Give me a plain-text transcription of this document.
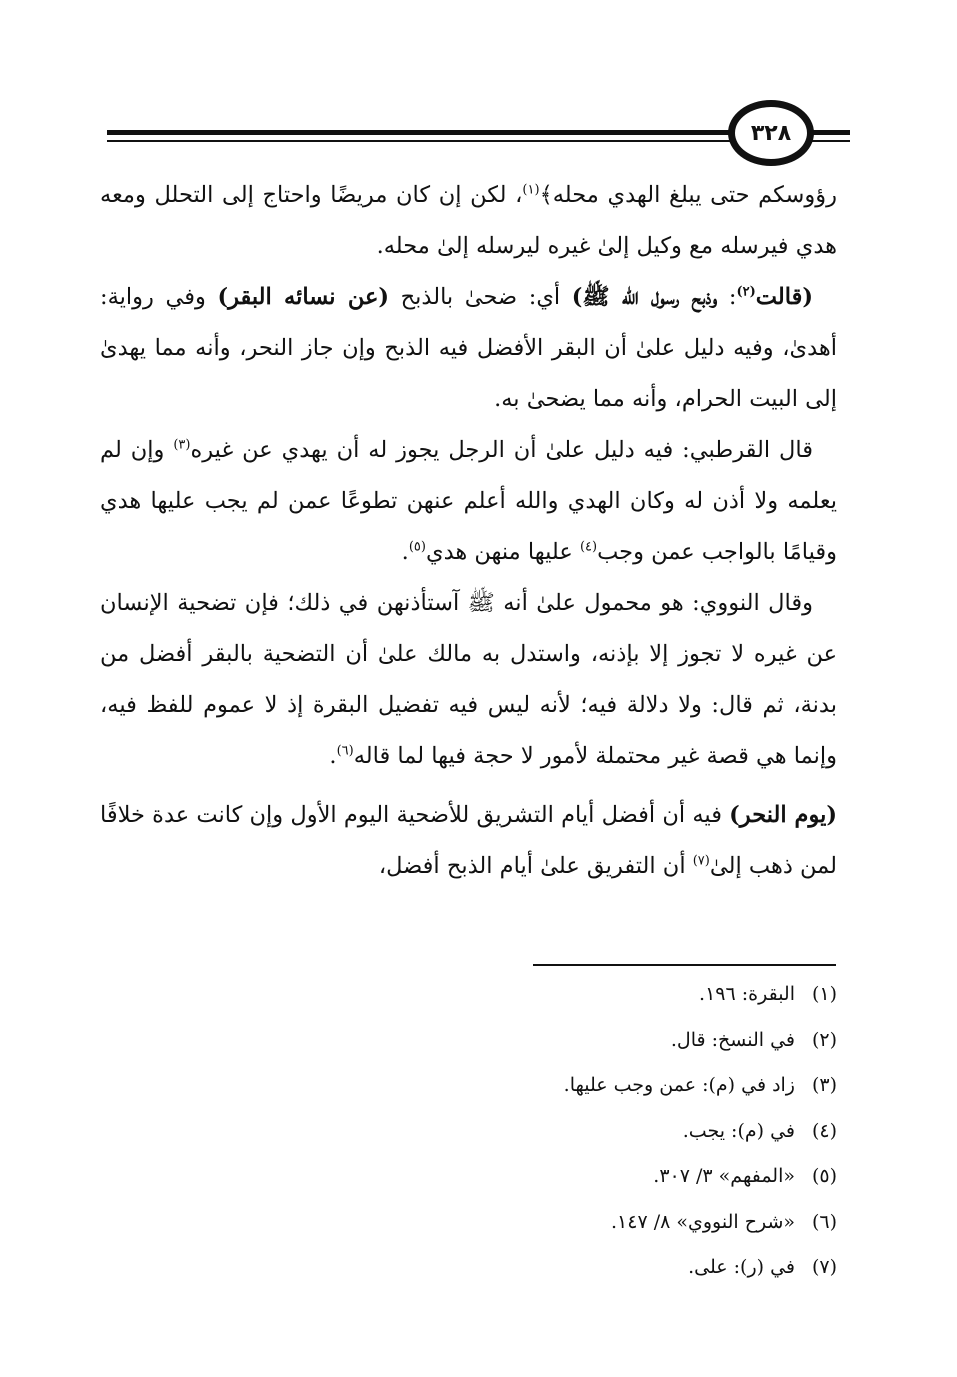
٣٢٨

رؤوسكم حتى يبلغ الهدي محله﴾$^{(١)}$، لكن إن كان مريضًا واحتاج إلى التحلل ومعه هدي فيرسله مع وكيل إلىٰ غيره ليرسله إلىٰ محله.

(قالت$^{(٢)}$: وذبح رسول الله ﷺ) أي: ضحىٰ بالذبح (عن نسائه البقر) وفي رواية: أهدىٰ، وفيه دليل علىٰ أن البقر الأفضل فيه الذبح وإن جاز النحر، وأنه مما يهدىٰ إلى البيت الحرام، وأنه مما يضحىٰ به.

قال القرطبي: فيه دليل علىٰ أن الرجل يجوز له أن يهدي عن غيره$^{(٣)}$ وإن لم يعلمه ولا أذن له وكان الهدي والله أعلم عنهن تطوعًا عمن لم يجب عليها هدي وقيامًا بالواجب عمن وجب$^{(٤)}$ عليها منهن هدي$^{(٥)}$.

وقال النووي: هو محمول علىٰ أنه ﷺ آستأذنهن في ذلك؛ فإن تضحية الإنسان عن غيره لا تجوز إلا بإذنه، واستدل به مالك علىٰ أن التضحية بالبقر أفضل من بدنة، ثم قال: ولا دلالة فيه؛ لأنه ليس فيه تفضيل البقرة إذ لا عموم للفظ فيه، وإنما هي قصة غير محتملة لأمور لا حجة فيها لما قاله$^{(٦)}$.

(يوم النحر) فيه أن أفضل أيام التشريق للأضحية اليوم الأول وإن كانت عدة خلافًا لمن ذهب إلىٰ$^{(٧)}$ أن التفريق علىٰ أيام الذبح أفضل،

(١)
البقرة: ١٩٦.
(٢)
في النسخ: قال.
(٣)
زاد في (م): عمن وجب عليها.
(٤)
في (م): يجب.
(٥)
«المفهم» ٣/ ٣٠٧.
(٦)
«شرح النووي» ٨/ ١٤٧.
(٧)
في (ر): على.
